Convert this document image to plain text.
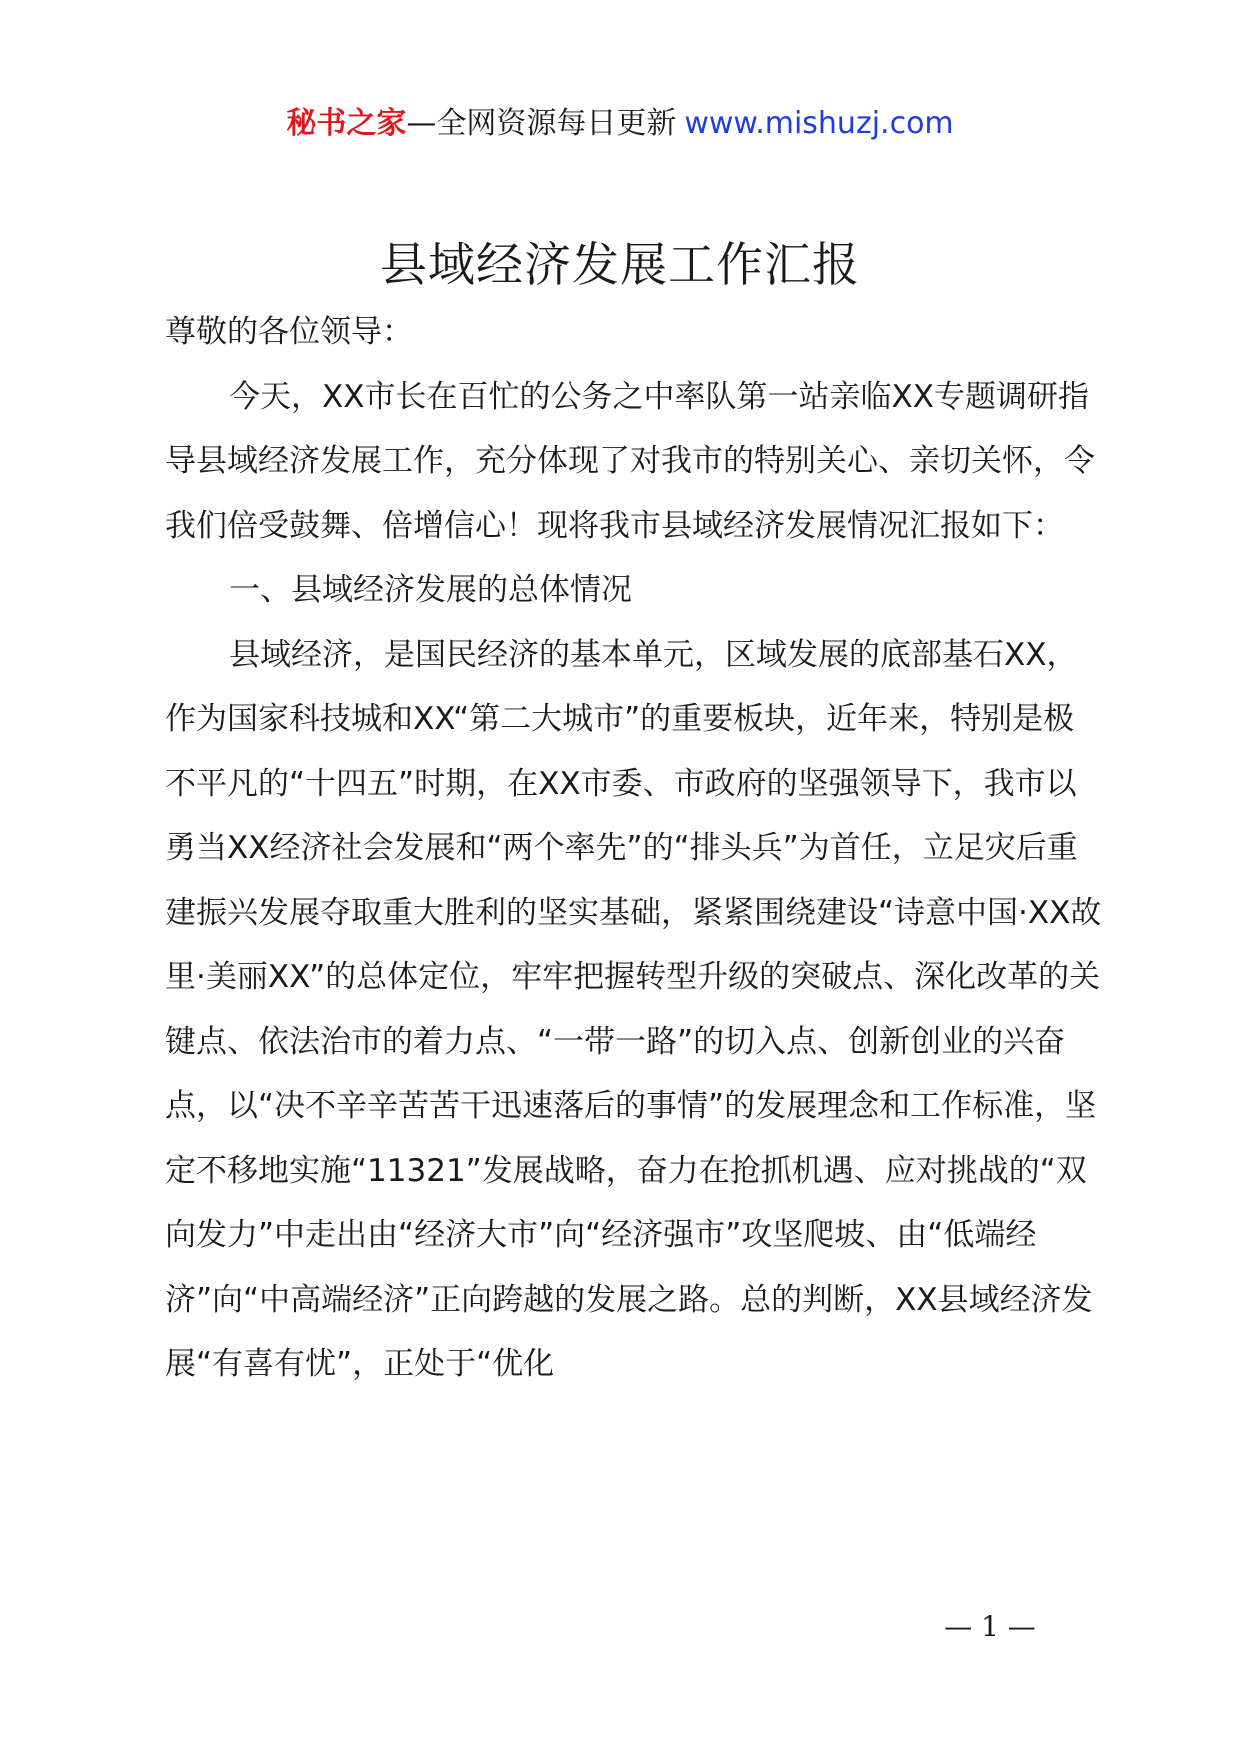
秘书之家—全网资源每日更新 www.mishuzj.com
县域经济发展工作汇报

尊敬的各位领导：

今天，XX市长在百忙的公务之中率队第一站亲临XX专题调研指导县域经济发展工作，充分体现了对我市的特别关心、亲切关怀，令我们倍受鼓舞、倍增信心！现将我市县域经济发展情况汇报如下：

一、县域经济发展的总体情况

县域经济，是国民经济的基本单元，区域发展的底部基石XX，作为国家科技城和XX“第二大城市”的重要板块，近年来，特别是极不平凡的“十四五”时期，在XX市委、市政府的坚强领导下，我市以勇当XX经济社会发展和“两个率先”的“排头兵”为首任，立足灾后重建振兴发展夺取重大胜利的坚实基础，紧紧围绕建设“诗意中国·XX故里·美丽XX”的总体定位，牢牢把握转型升级的突破点、深化改革的关键点、依法治市的着力点、“一带一路”的切入点、创新创业的兴奋点，以“决不辛辛苦苦干迅速落后的事情”的发展理念和工作标准，坚定不移地实施“11321”发展战略，奋力在抢抓机遇、应对挑战的“双向发力”中走出由“经济大市”向“经济强市”攻坚爬坡、由“低端经济”向“中高端经济”正向跨越的发展之路。总的判断，XX县域经济发展“有喜有忧”，正处于“优化

— 1 —
